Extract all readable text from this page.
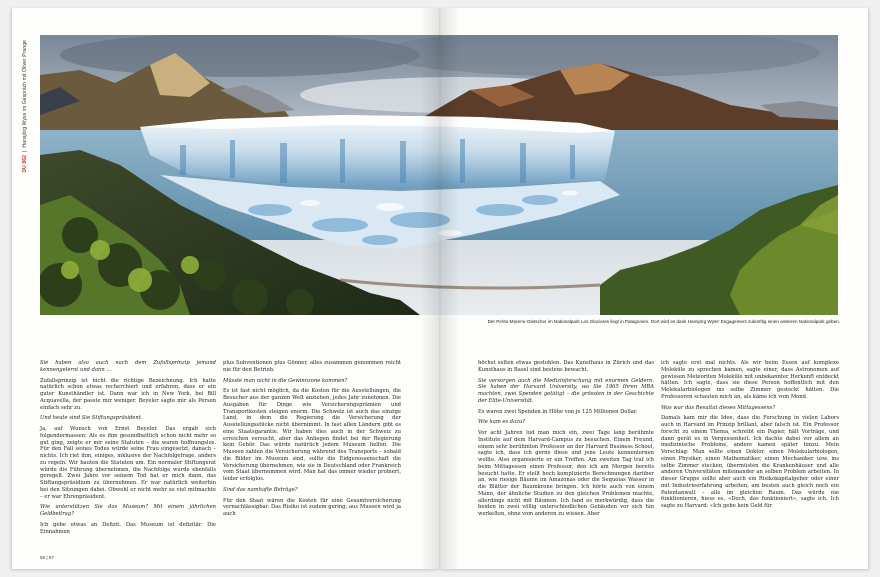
DU 862  |  Hansjörg Wyss im Gespräch mit Oliver Prange
Der Perito-Moreno-Gletscher im Nationalpark Los Glaciares liegt in Patagonien. Dort wird es dank Hansjörg Wyss' Engagement zukünftig einen weiteren Nationalpark geben.

Sie haben also auch nach dem Zufallsprinzip jemand kennengelernt und dann …

Zufallsprinzip ist nicht die richtige Bezeichnung. Ich hatte natürlich schon etwas recherchiert und erfahren, dass er ein guter Kunsthändler ist. Dann war ich in New York, bei Bill Acquavella, der passte mir weniger. Beyeler sagte mir als Person einfach sehr zu.

Und heute sind Sie Stiftungspräsident.

Ja, auf Wunsch von Ernst Beyeler. Das ergab sich folgendermassen: Als es ihm gesundheitlich schon nicht mehr so gut ging, zeigte er mir seine Statuten – die waren hoffnungslos. Für den Fall seines Todes würde seine Frau eingesetzt, danach – nichts. Ich riet ihm, einiges, inklusive der Nachfolgefrage, anders zu regeln. Wir bauten die Statuten um. Ein normaler Stiftungsrat würde die Führung übernehmen, die Nachfolge wurde ebenfalls geregelt. Zwei Jahre vor seinem Tod hat er mich dann, das Stiftungspräsidium zu übernehmen. Er war natürlich weiterhin bei den Sitzungen dabei. Obwohl er nicht mehr so viel mitmachte – er war Ehrenpräsident.

Wie unterstützen Sie das Museum? Mit einem jährlichen Geldbeitrag?

Ich gebe etwas an Defizit. Das Museum ist defizitär. Die Einnahmen

plus Subventionen plus Gönner, alles zusammen genommen reicht nie für den Betrieb.

Müsste man nicht in die Gewinnzone kommen?

Es ist fast nicht möglich, da die Kosten für die Ausstellungen, die Besucher aus der ganzen Welt anziehen, jedes Jahr zunehmen. Die Ausgaben für Dinge wie Versicherungsprämien und Transportkosten steigen enorm. Die Schweiz ist auch das einzige Land, in dem die Regierung die Versicherung der Ausstellungsstücke nicht übernimmt. In fast allen Ländern gibt es eine Staatsgarantie. Wir haben dies auch in der Schweiz zu erreichen versucht, aber das Anliegen findet bei der Regierung kein Gehör. Das würde natürlich jedem Museum helfen. Die Museen zahlen die Versicherung während des Transports – sobald die Bilder im Museum sind, sollte die Eidgenossenschaft die Versicherung übernehmen, wie sie in Deutschland oder Frankreich vom Staat übernommen wird. Man hat das immer wieder probiert, leider erfolglos.

Sind das namhafte Beträge?

Für den Staat wären die Kosten für eine Gesamtversicherung vernachlässigbar. Das Risiko ist zudem gering, aus Museen wird ja auch

höchst selten etwas gestohlen. Das Kunsthaus in Zürich und das Kunsthaus in Basel sind bestens bewacht.

Sie versorgen auch die Medizinforschung mit enormen Geldern. Sie haben der Harvard University, wo Sie 1965 Ihren MBA machten, zwei Spenden getätigt – die grössten in der Geschichte der Elite-Universität.

Es waren zwei Spenden in Höhe von je 125 Millionen Dollar.

Wie kam es dazu?

Vor acht Jahren lud man mich ein, zwei Tage lang berühmte Institute auf dem Harvard-Campus zu besuchen. Einem Freund, einem sehr berühmten Professor an der Harvard Business School, sagte ich, dass ich gerne diese und jene Leute kennenlernen wollte. Also organisierte er ein Treffen. Am zweiten Tag traf ich beim Mittagessen einen Professor, den ich am Morgen bereits besucht hatte. Er stellt hoch komplizierte Berechnungen darüber an, wie riesige Bäume im Amazonas oder die Sequoias Wasser in die Blätter der Baumkrone bringen. Ich hörte auch von einem Mann, der ähnliche Studien zu den gleichen Problemen machte, allerdings nicht mit Bäumen. Ich fand es merkwürdig, dass die beiden in zwei völlig unterschiedlichen Gebäuden vor sich hin werkelten, ohne vom anderen zu wissen. Aber

ich sagte erst mal nichts. Als wir beim Essen auf komplexe Moleküle zu sprechen kamen, sagte einer, dass Astronomen auf gewissen Meteoriten Moleküle mit unbekannter Herkunft entdeckt hätten. Ich sagte, dass sie diese Person hoffentlich mit den Molekularbiologen ins selbe Zimmer gesteckt hätten. Die Professoren schauten mich an, als käme ich vom Mond.

Was war das Resultat dieses Mittagessens?

Damals kam mir die Idee, dass die Forschung in vielen Labors auch in Harvard im Prinzip brillant, aber falsch ist. Ein Professor forscht zu einem Thema, schreibt ein Papier, hält Vorträge, und dann gerät es in Vergessenheit. Ich dachte dabei vor allem an medizinische Probleme, andere kamen später hinzu. Mein Vorschlag: Man sollte einen Doktor, einen Molekularbiologen, einen Physiker, einen Mathematiker, einen Mechaniker usw. ins selbe Zimmer stecken, übermüsten die Krankenhäuser und alle anderen Universitäten miteinander an selben Problem arbeiten. In dieser Gruppe sollte aber auch ein Risikokapitalgeber oder einer mit Industrieerfahrung arbeiten, am besten auch gleich noch ein Patentanwalt – alle im gleichen Raum. Das würde nie funktionieren, hiess es. «Doch, das funktioniert», sagte ich. Ich sagte zu Harvard: «Ich gebe kein Geld für

56 | 57
